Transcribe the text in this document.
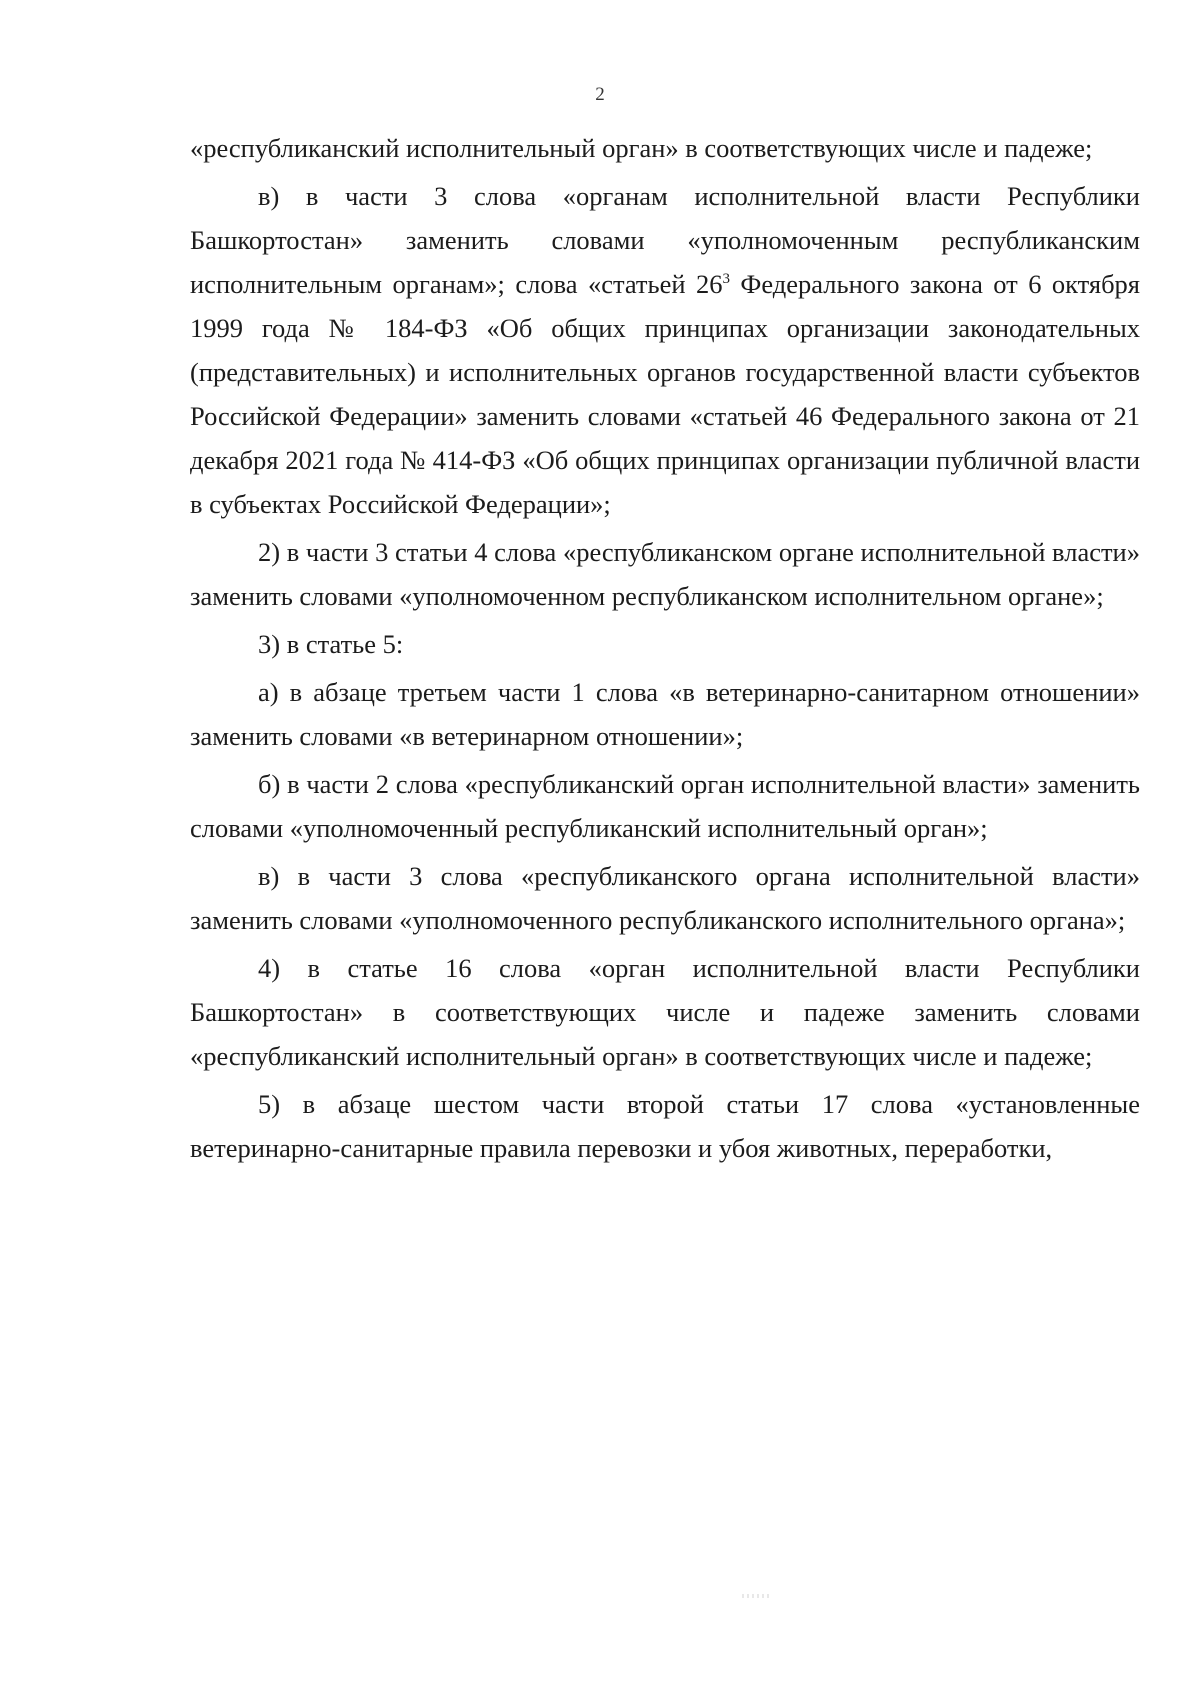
2

«республиканский исполнительный орган» в соответствующих числе и падеже;

в) в части 3 слова «органам исполнительной власти Республики Башкортостан» заменить словами «уполномоченным республиканским исполнительным органам»; слова «статьей $26^3$ Федерального закона от 6 октября 1999 года № 184-ФЗ «Об общих принципах организации законодательных (представительных) и исполнительных органов государственной власти субъектов Российской Федерации» заменить словами «статьей 46 Федерального закона от 21 декабря 2021 года № 414-ФЗ «Об общих принципах организации публичной власти в субъектах Российской Федерации»;

2) в части 3 статьи 4 слова «республиканском органе исполнительной власти» заменить словами «уполномоченном республиканском исполнительном органе»;

3) в статье 5:

а) в абзаце третьем части 1 слова «в ветеринарно-санитарном отношении» заменить словами «в ветеринарном отношении»;

б) в части 2 слова «республиканский орган исполнительной власти» заменить словами «уполномоченный республиканский исполнительный орган»;

в) в части 3 слова «республиканского органа исполнительной власти» заменить словами «уполномоченного республиканского исполнительного органа»;

4) в статье 16 слова «орган исполнительной власти Республики Башкортостан» в соответствующих числе и падеже заменить словами «республиканский исполнительный орган» в соответствующих числе и падеже;

5) в абзаце шестом части второй статьи 17 слова «установленные ветеринарно-санитарные правила перевозки и убоя животных, переработки,
